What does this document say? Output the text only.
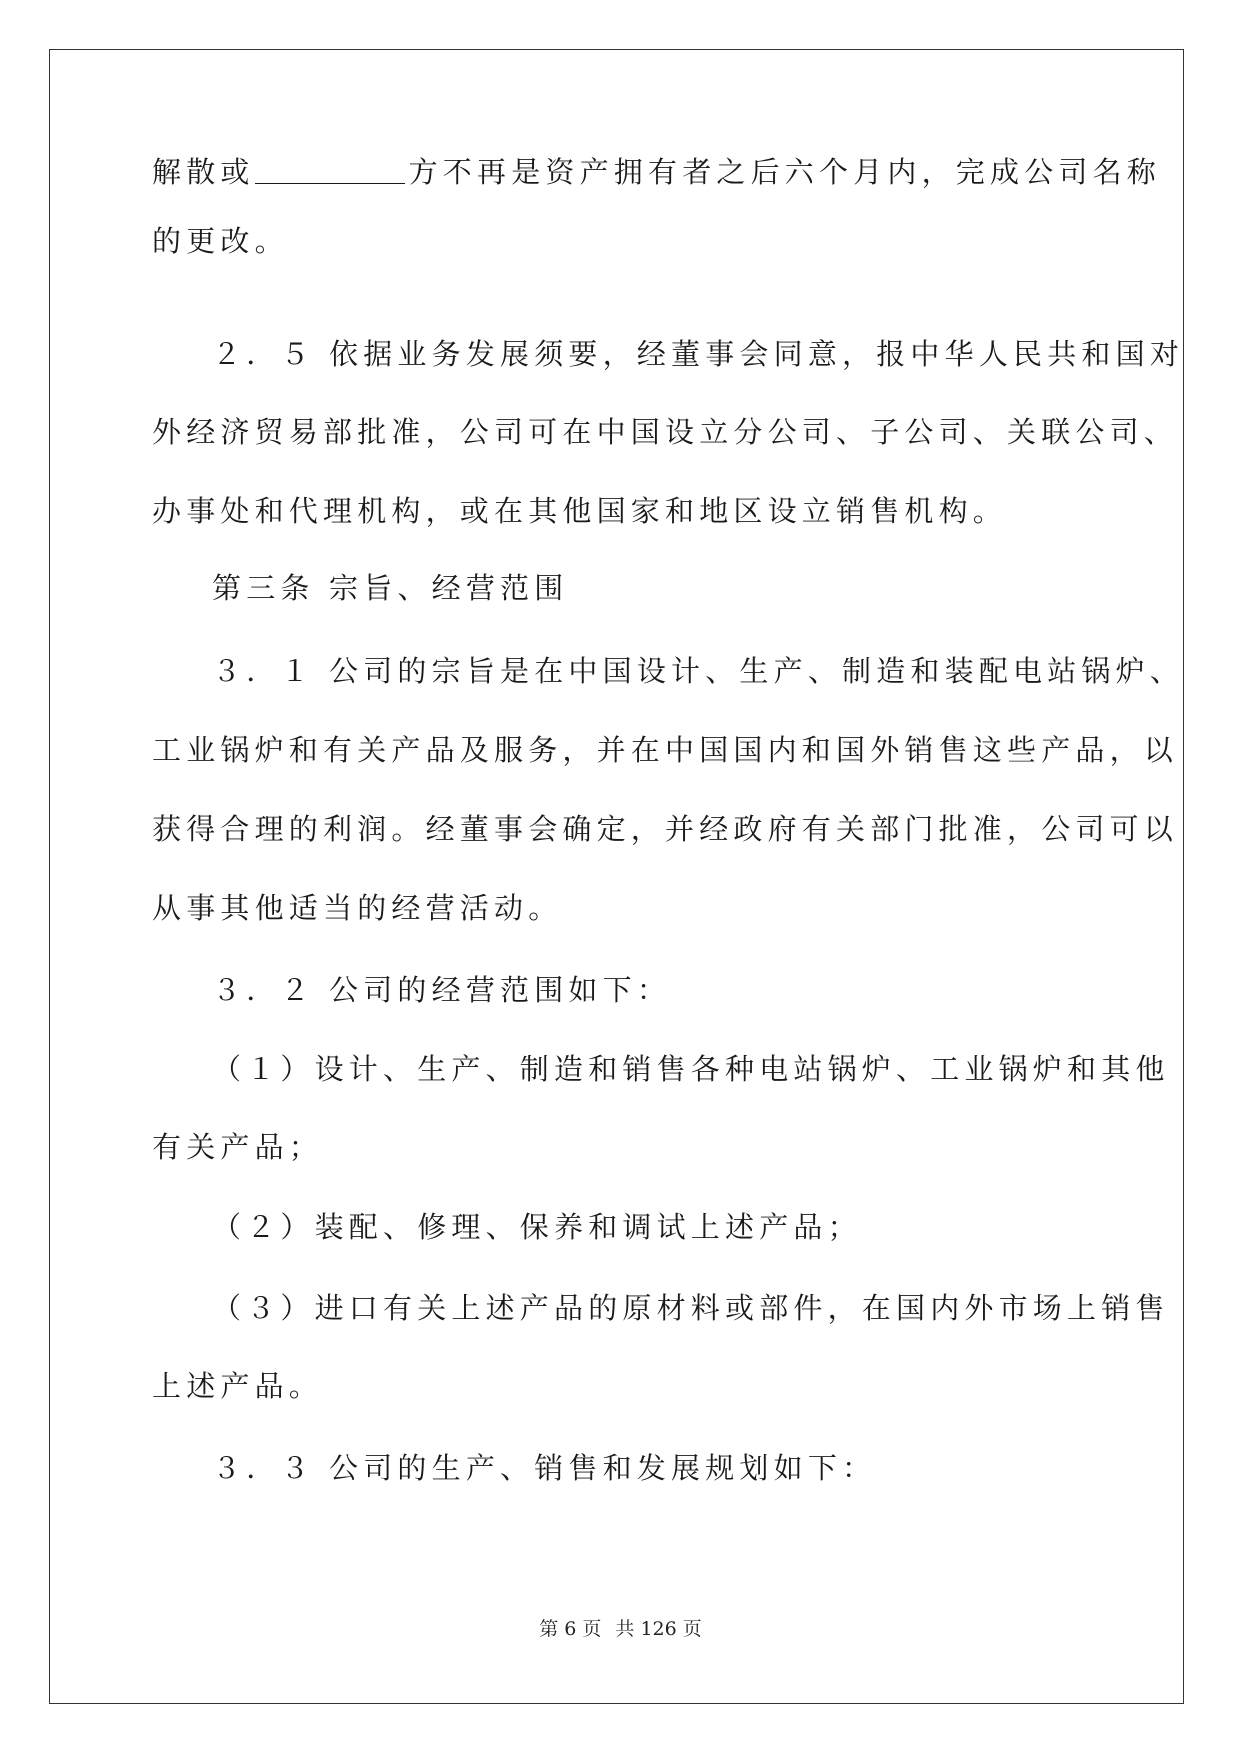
解散或	方不再是资产拥有者之后六个月内，完成公司名称
的更改。
２．５ 依据业务发展须要，经董事会同意，报中华人民共和国对
外经济贸易部批准，公司可在中国设立分公司、子公司、关联公司、
办事处和代理机构，或在其他国家和地区设立销售机构。
第三条 宗旨、经营范围
３．１ 公司的宗旨是在中国设计、生产、制造和装配电站锅炉、
工业锅炉和有关产品及服务，并在中国国内和国外销售这些产品，以
获得合理的利润。经董事会确定，并经政府有关部门批准，公司可以
从事其他适当的经营活动。
３．２ 公司的经营范围如下：
（１）设计、生产、制造和销售各种电站锅炉、工业锅炉和其他
有关产品；
（２）装配、修理、保养和调试上述产品；
（３）进口有关上述产品的原材料或部件，在国内外市场上销售
上述产品。
３．３ 公司的生产、销售和发展规划如下：
第 6 页 共 126 页
